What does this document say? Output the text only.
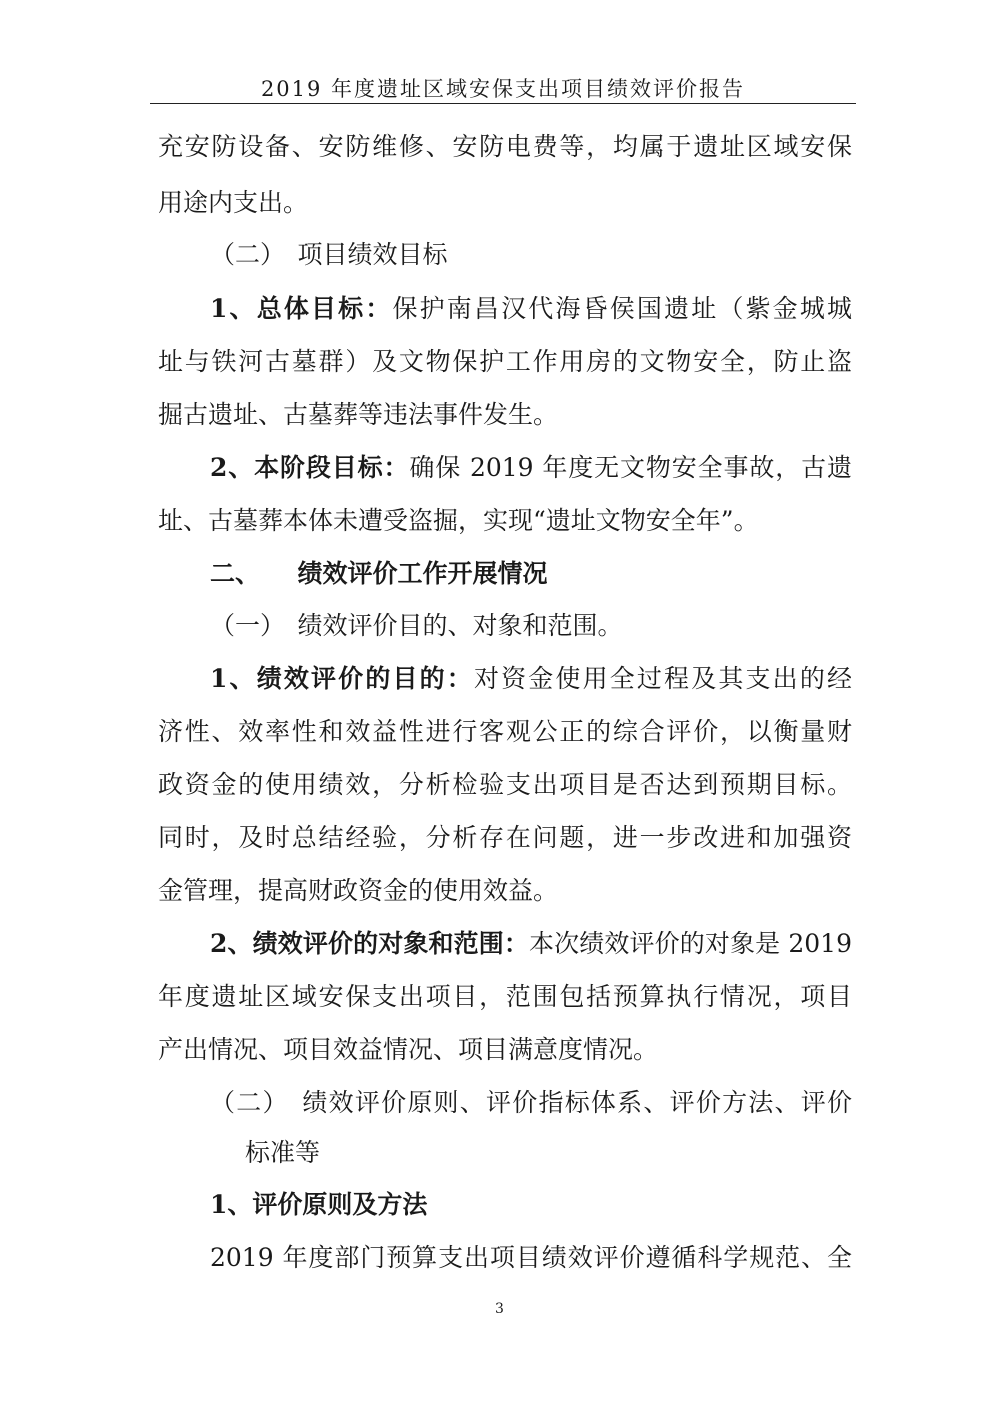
2019 年度遗址区域安保支出项目绩效评价报告
充安防设备、安防维修、安防电费等，均属于遗址区域安保
用途内支出。
（二）　项目绩效目标
1、总体目标：保护南昌汉代海昏侯国遗址（紫金城城
址与铁河古墓群）及文物保护工作用房的文物安全，防止盗
掘古遗址、古墓葬等违法事件发生。
2、本阶段目标：确保 2019 年度无文物安全事故，古遗
址、古墓葬本体未遭受盗掘，实现“遗址文物安全年”。
二、　　绩效评价工作开展情况
（一）　绩效评价目的、对象和范围。
1、绩效评价的目的：对资金使用全过程及其支出的经
济性、效率性和效益性进行客观公正的综合评价，以衡量财
政资金的使用绩效，分析检验支出项目是否达到预期目标。
同时，及时总结经验，分析存在问题，进一步改进和加强资
金管理，提高财政资金的使用效益。
2、绩效评价的对象和范围：本次绩效评价的对象是 2019
年度遗址区域安保支出项目，范围包括预算执行情况，项目
产出情况、项目效益情况、项目满意度情况。
（二）　绩效评价原则、评价指标体系、评价方法、评价
标准等
1、评价原则及方法
2019 年度部门预算支出项目绩效评价遵循科学规范、全
3
